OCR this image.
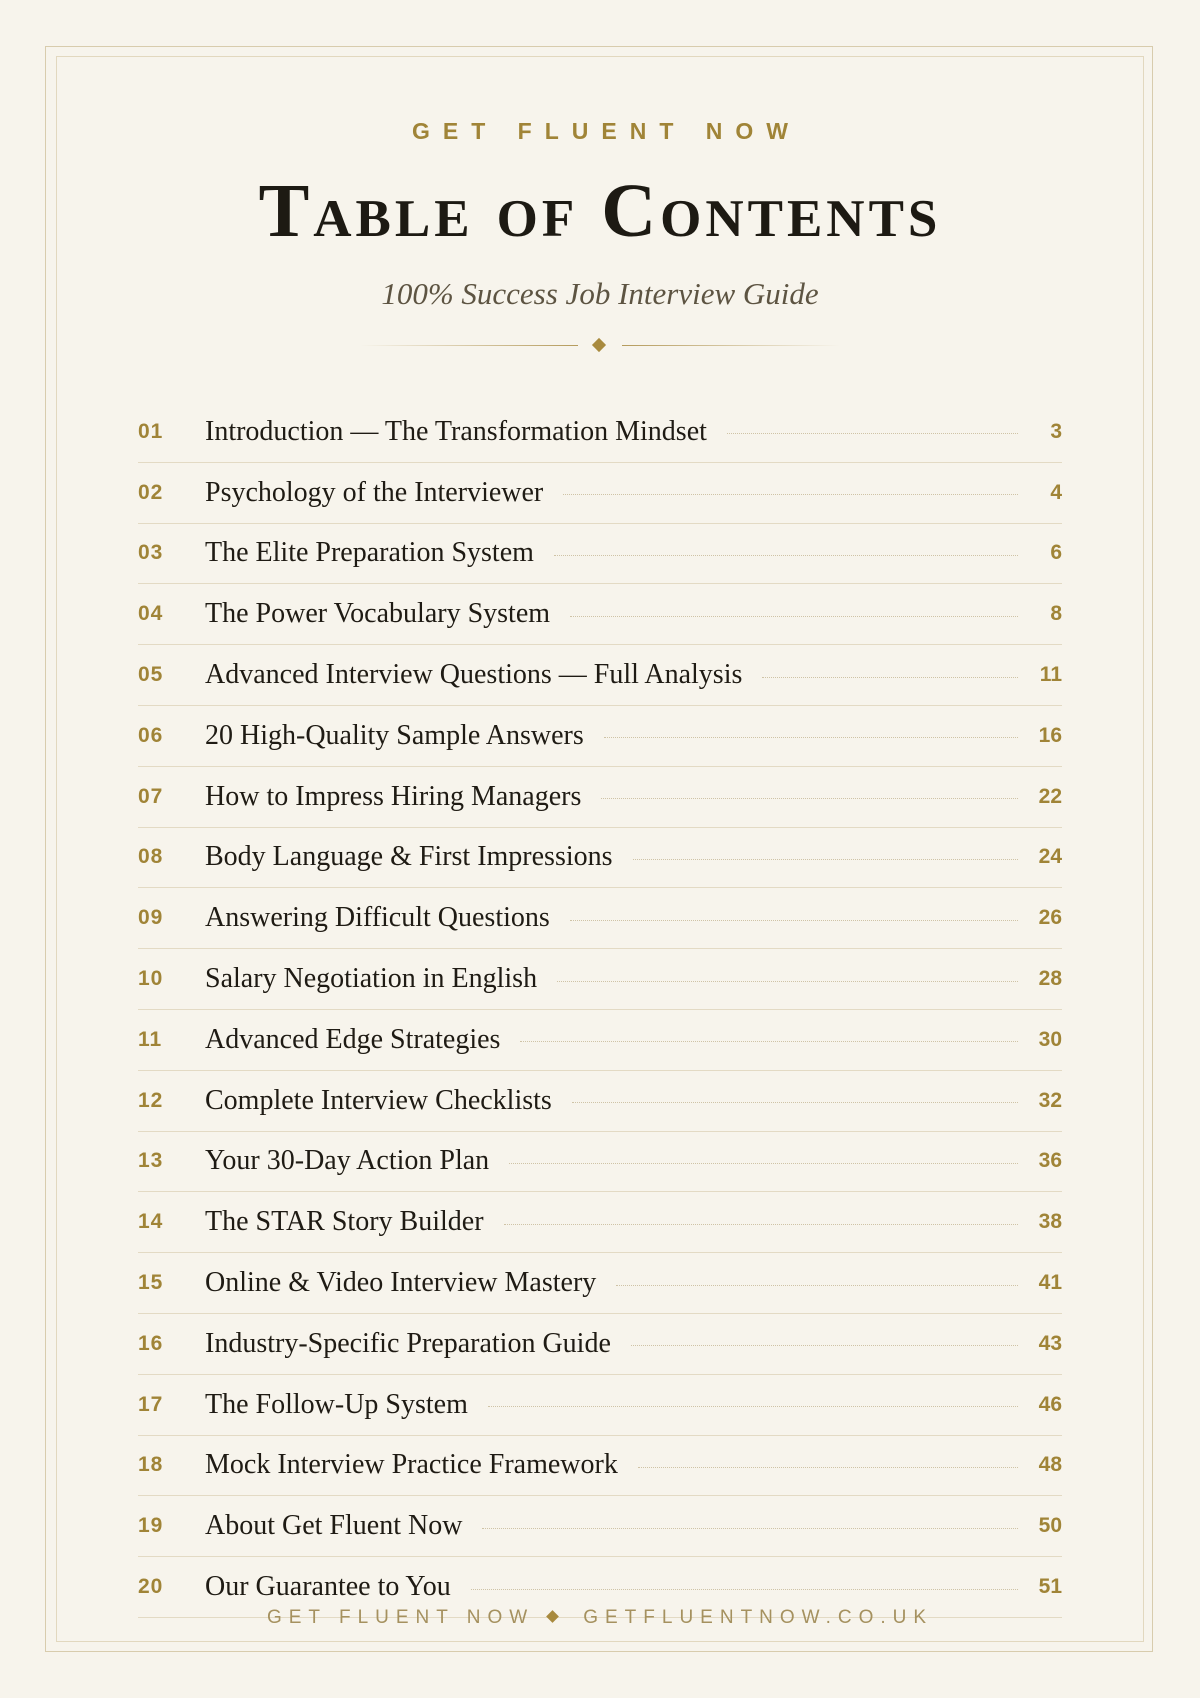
GET FLUENT NOW
Table of Contents
100% Success Job Interview Guide
01	Introduction — The Transformation Mindset	3
02	Psychology of the Interviewer	4
03	The Elite Preparation System	6
04	The Power Vocabulary System	8
05	Advanced Interview Questions — Full Analysis	11
06	20 High-Quality Sample Answers	16
07	How to Impress Hiring Managers	22
08	Body Language & First Impressions	24
09	Answering Difficult Questions	26
10	Salary Negotiation in English	28
11	Advanced Edge Strategies	30
12	Complete Interview Checklists	32
13	Your 30-Day Action Plan	36
14	The STAR Story Builder	38
15	Online & Video Interview Mastery	41
16	Industry-Specific Preparation Guide	43
17	The Follow-Up System	46
18	Mock Interview Practice Framework	48
19	About Get Fluent Now	50
20	Our Guarantee to You	51
GET FLUENT NOW	GETFLUENTNOW.CO.UK
